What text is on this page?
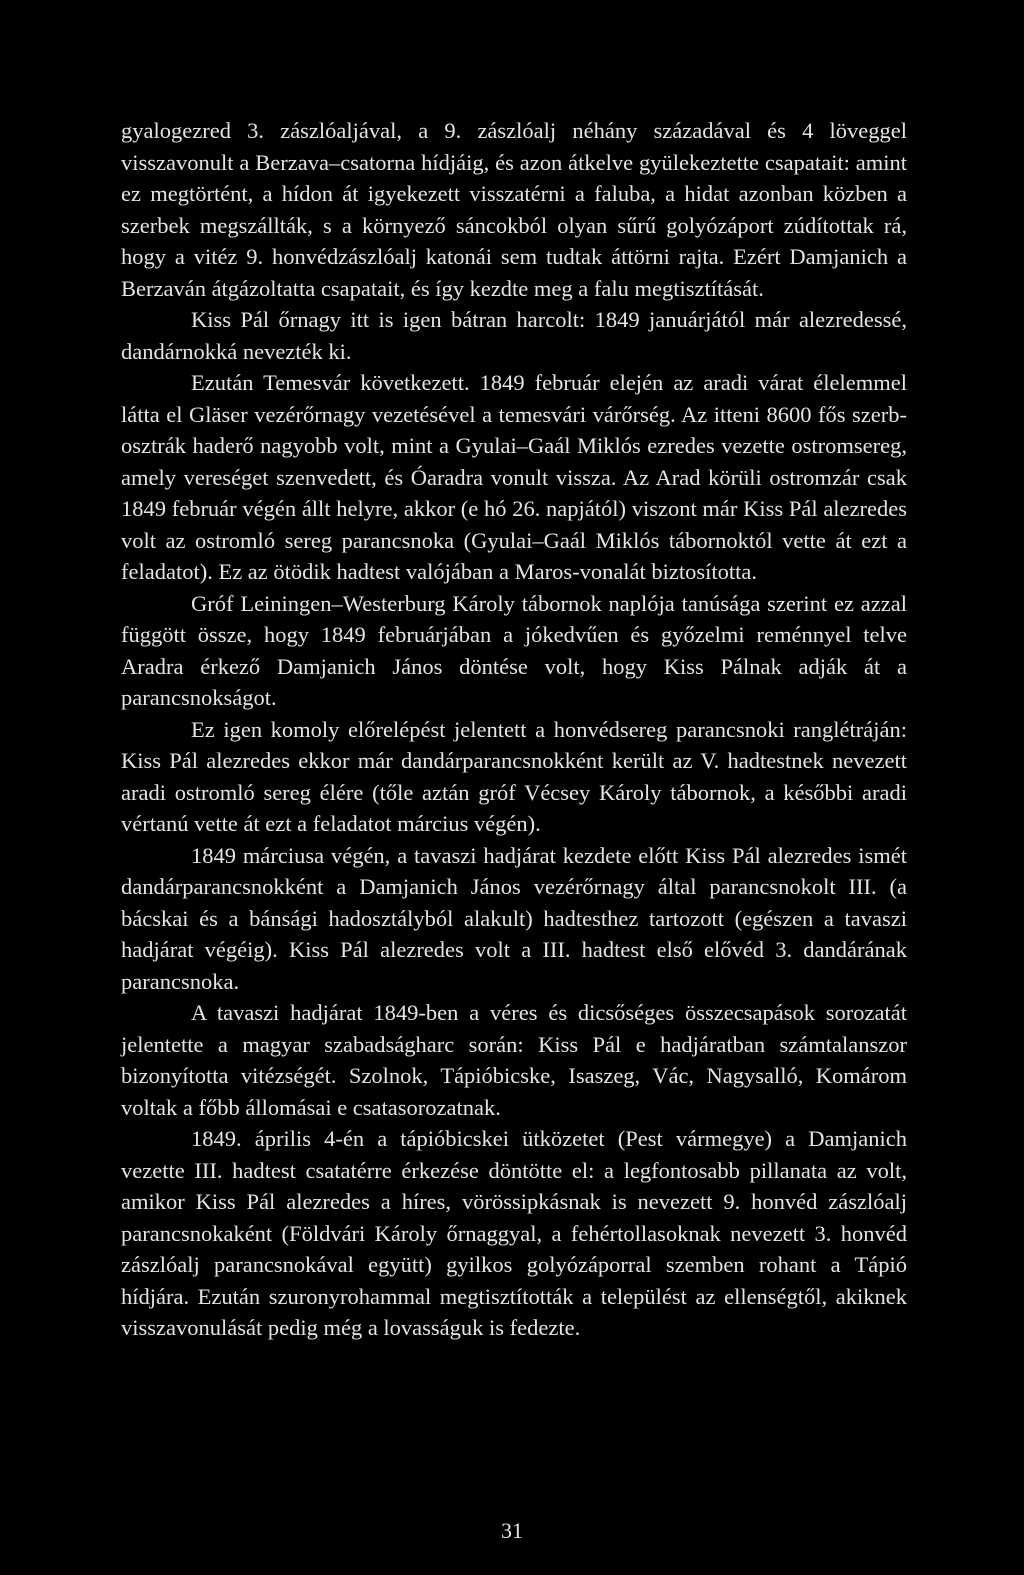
gyalogezred 3. zászlóaljával, a 9. zászlóalj néhány századával és 4 löveggel visszavonult a Berzava–csatorna hídjáig, és azon átkelve gyülekeztette csapatait: amint ez megtörtént, a hídon át igyekezett visszatérni a faluba, a hidat azonban közben a szerbek megszállták, s a környező sáncokból olyan sűrű golyózáport zúdítottak rá, hogy a vitéz 9. honvédzászlóalj katonái sem tudtak áttörni rajta. Ezért Damjanich a Berzaván átgázoltatta csapatait, és így kezdte meg a falu megtisztítását.

Kiss Pál őrnagy itt is igen bátran harcolt: 1849 januárjától már alezredessé, dandárnokká nevezték ki.

Ezután Temesvár következett. 1849 február elején az aradi várat élelemmel látta el Gläser vezérőrnagy vezetésével a temesvári várőrség. Az itteni 8600 fős szerb-osztrák haderő nagyobb volt, mint a Gyulai–Gaál Miklós ezredes vezette ostromsereg, amely vereséget szenvedett, és Óaradra vonult vissza. Az Arad körüli ostromzár csak 1849 február végén állt helyre, akkor (e hó 26. napjától) viszont már Kiss Pál alezredes volt az ostromló sereg parancsnoka (Gyulai–Gaál Miklós tábornoktól vette át ezt a feladatot). Ez az ötödik hadtest valójában a Maros-vonalát biztosította.

Gróf Leiningen–Westerburg Károly tábornok naplója tanúsága szerint ez azzal függött össze, hogy 1849 februárjában a jókedvűen és győzelmi reménnyel telve Aradra érkező Damjanich János döntése volt, hogy Kiss Pálnak adják át a parancsnokságot.

Ez igen komoly előrelépést jelentett a honvédsereg parancsnoki ranglétráján: Kiss Pál alezredes ekkor már dandárparancsnokként került az V. hadtestnek nevezett aradi ostromló sereg élére (tőle aztán gróf Vécsey Károly tábornok, a későbbi aradi vértanú vette át ezt a feladatot március végén).

1849 márciusa végén, a tavaszi hadjárat kezdete előtt Kiss Pál alezredes ismét dandárparancsnokként a Damjanich János vezérőrnagy által parancsnokolt III. (a bácskai és a bánsági hadosztályból alakult) hadtesthez tartozott (egészen a tavaszi hadjárat végéig). Kiss Pál alezredes volt a III. hadtest első elővéd 3. dandárának parancsnoka.

A tavaszi hadjárat 1849-ben a véres és dicsőséges összecsapások sorozatát jelentette a magyar szabadságharc során: Kiss Pál e hadjáratban számtalanszor bizonyította vitézségét. Szolnok, Tápióbicske, Isaszeg, Vác, Nagysalló, Komárom voltak a főbb állomásai e csatasorozatnak.

1849. április 4-én a tápióbicskei ütközetet (Pest vármegye) a Damjanich vezette III. hadtest csatatérre érkezése döntötte el: a legfontosabb pillanata az volt, amikor Kiss Pál alezredes a híres, vörössipkásnak is nevezett 9. honvéd zászlóalj parancsnokaként (Földvári Károly őrnaggyal, a fehértollasoknak nevezett 3. honvéd zászlóalj parancsnokával együtt) gyilkos golyózáporral szemben rohant a Tápió hídjára. Ezután szuronyrohammal megtisztították a települést az ellenségtől, akiknek visszavonulását pedig még a lovasságuk is fedezte.

31
